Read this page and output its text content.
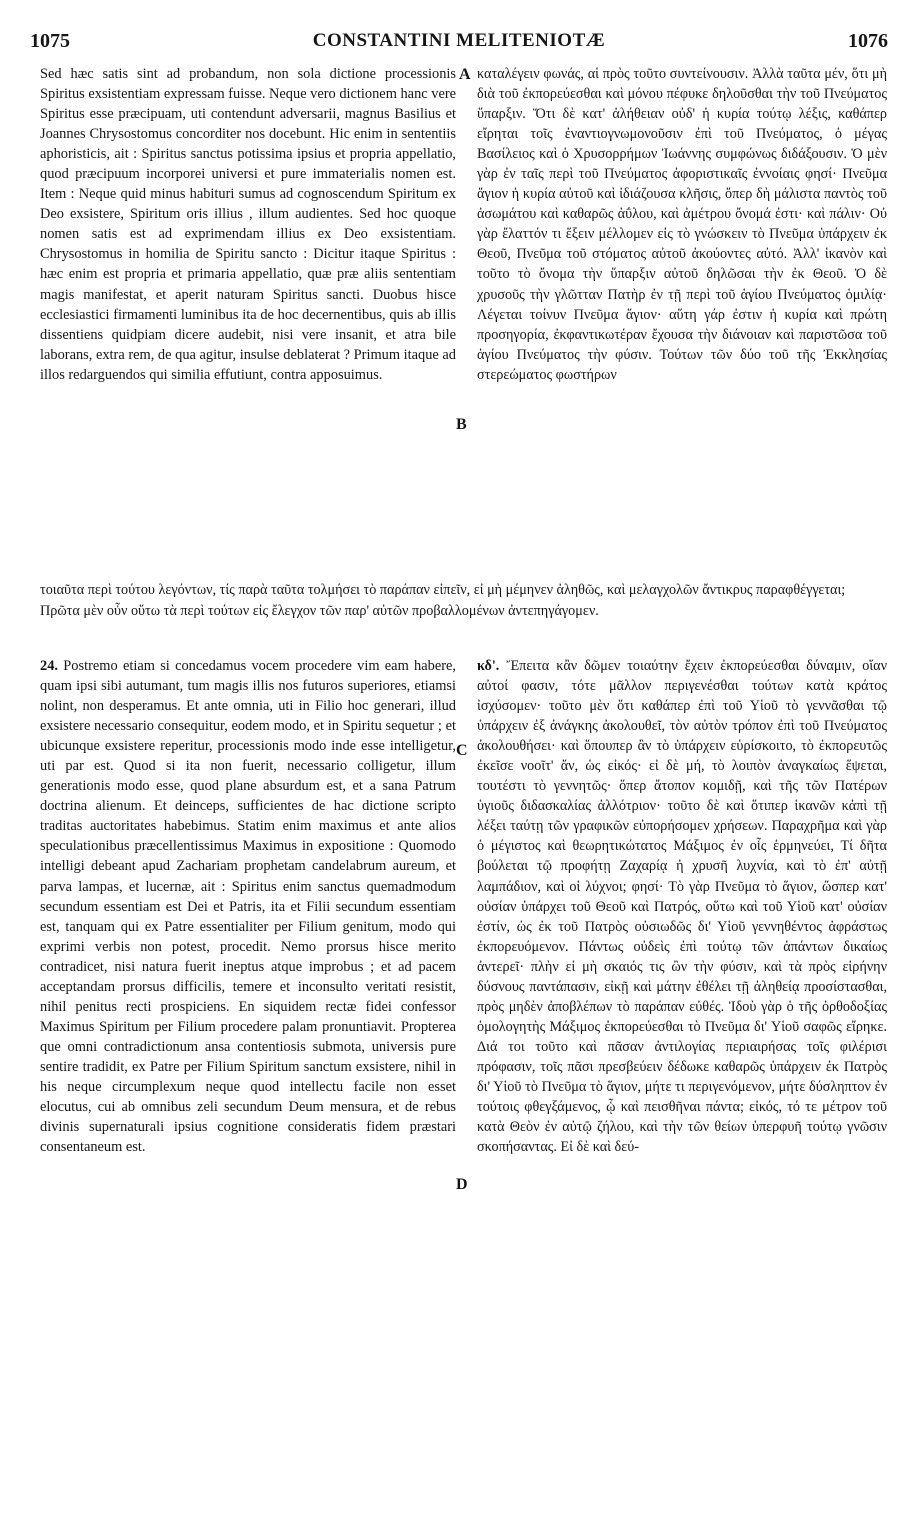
1075	CONSTANTINI MELITENIOTÆ	1076
A
B
C
D

Sed hæc satis sint ad probandum, non sola dictione processionis Spiritus exsistentiam expressam fuisse. Neque vero dictionem hanc vere Spiritus esse præcipuam, uti contendunt adversarii, magnus Basilius et Joannes Chrysostomus concorditer nos docebunt. Hic enim in sententiis aphoristicis, ait : Spiritus sanctus potissima ipsius et propria appellatio, quod præcipuum incorporei universi et pure immaterialis nomen est. Item : Neque quid minus habituri sumus ad cognoscendum Spiritum ex Deo exsistere, Spiritum oris illius , illum audientes. Sed hoc quoque nomen satis est ad exprimendam illius ex Deo exsistentiam. Chrysostomus in homilia de Spiritu sancto : Dicitur itaque Spiritus : hæc enim est propria et primaria appellatio, quæ præ aliis sententiam magis manifestat, et aperit naturam Spiritus sancti. Duobus hisce ecclesiastici firmamenti luminibus ita de hoc decernentibus, quis ab illis dissentiens quidpiam dicere audebit, nisi vere insanit, et atra bile laborans, extra rem, de qua agitur, insulse deblaterat ? Primum itaque ad illos redarguendos qui similia effutiunt, contra apposuimus.

καταλέγειν φωνάς, αἱ πρὸς τοῦτο συντείνουσιν. Ἀλλὰ ταῦτα μέν, ὅτι μὴ διὰ τοῦ ἐκπορεύεσθαι καὶ μόνου πέφυκε δηλοῦσθαι τὴν τοῦ Πνεύματος ὕπαρξιν. Ὅτι δὲ κατ' ἀλήθειαν οὐδ' ἡ κυρία τούτῳ λέξις, καθάπερ εἴρηται τοῖς ἐναντιογνωμονοῦσιν ἐπὶ τοῦ Πνεύματος, ὁ μέγας Βασίλειος καὶ ὁ Χρυσορρήμων Ἰωάννης συμφώνως διδάξουσιν. Ὁ μὲν γὰρ ἐν ταῖς περὶ τοῦ Πνεύματος ἀφοριστικαῖς ἐννοίαις φησί· Πνεῦμα ἅγιον ἡ κυρία αὐτοῦ καὶ ἰδιάζουσα κλῆσις, ὅπερ δὴ μάλιστα παντὸς τοῦ ἀσωμάτου καὶ καθαρῶς ἀΰλου, καὶ ἀμέτρου ὄνομά ἐστι· καὶ πάλιν· Οὐ γὰρ ἔλαττόν τι ἕξειν μέλλομεν εἰς τὸ γνώσκειν τὸ Πνεῦμα ὑπάρχειν ἐκ Θεοῦ, Πνεῦμα τοῦ στόματος αὐτοῦ ἀκούοντες αὐτό. Ἀλλ' ἱκανὸν καὶ τοῦτο τὸ ὄνομα τὴν ὕπαρξιν αὐτοῦ δηλῶσαι τὴν ἐκ Θεοῦ. Ὁ δὲ χρυσοῦς τὴν γλῶτταν Πατὴρ ἐν τῇ περὶ τοῦ ἁγίου Πνεύματος ὁμιλίᾳ· Λέγεται τοίνυν Πνεῦμα ἅγιον· αὕτη γάρ ἐστιν ἡ κυρία καὶ πρώτη προσηγορία, ἐκφαντικωτέραν ἔχουσα τὴν διάνοιαν καὶ παριστῶσα τοῦ ἁγίου Πνεύματος τὴν φύσιν. Τούτων τῶν δύο τοῦ τῆς Ἐκκλησίας στερεώματος φωστήρων

τοιαῦτα περὶ τούτου λεγόντων, τίς παρὰ ταῦτα τολμήσει τὸ παράπαν εἰπεῖν, εἰ μὴ μέμηνεν ἀληθῶς, καὶ μελαγχολῶν ἄντικρυς παραφθέγγεται; Πρῶτα μὲν οὖν οὕτω τὰ περὶ τούτων εἰς ἔλεγχον τῶν παρ' αὐτῶν προβαλλομένων ἀντεπηγάγομεν.

24. Postremo etiam si concedamus vocem procedere vim eam habere, quam ipsi sibi autumant, tum magis illis nos futuros superiores, etiamsi nolint, non desperamus. Et ante omnia, uti in Filio hoc generari, illud exsistere necessario consequitur, eodem modo, et in Spiritu sequetur ; et ubicunque exsistere reperitur, processionis modo inde esse intelligetur, uti par est. Quod si ita non fuerit, necessario colligetur, illum generationis modo esse, quod plane absurdum est, et a sana Patrum doctrina alienum. Et deinceps, sufficientes de hac dictione scripto traditas auctoritates habebimus. Statim enim maximus et ante alios speculationibus præcellentissimus Maximus in expositione : Quomodo intelligi debeant apud Zachariam prophetam candelabrum aureum, et parva lampas, et lucernæ, ait : Spiritus enim sanctus quemadmodum secundum essentiam est Dei et Patris, ita et Filii secundum essentiam est, tanquam qui ex Patre essentialiter per Filium genitum, modo qui exprimi verbis non potest, procedit. Nemo prorsus hisce merito contradicet, nisi natura fuerit ineptus atque improbus ; et ad pacem acceptandam prorsus difficilis, temere et inconsulto veritati resistit, nihil penitus recti prospiciens. En siquidem rectæ fidei confessor Maximus Spiritum per Filium procedere palam pronuntiavit. Propterea que omni contradictionum ansa contentiosis submota, universis pure sentire tradidit, ex Patre per Filium Spiritum sanctum exsistere, nihil in his neque circumplexum neque quod intellectu facile non esset elocutus, cui ab omnibus zeli secundum Deum mensura, et de rebus divinis supernaturali ipsius cognitione consideratis fidem præstari consentaneum est.

κδ'. Ἔπειτα κἂν δῶμεν τοιαύτην ἔχειν ἐκπορεύεσθαι δύναμιν, οἵαν αὐτοί φασιν, τότε μᾶλλον περιγενέσθαι τούτων κατὰ κράτος ἰσχύσομεν· τοῦτο μὲν ὅτι καθάπερ ἐπὶ τοῦ Υἱοῦ τὸ γεννᾶσθαι τῷ ὑπάρχειν ἐξ ἀνάγκης ἀκολουθεῖ, τὸν αὐτὸν τρόπον ἐπὶ τοῦ Πνεύματος ἀκολουθήσει· καὶ ὅπουπερ ἂν τὸ ὑπάρχειν εὑρίσκοιτο, τὸ ἐκπορευτῶς ἐκεῖσε νοοῖτ' ἄν, ὡς εἰκός· εἰ δὲ μή, τὸ λοιπὸν ἀναγκαίως ἕψεται, τουτέστι τὸ γεννητῶς· ὅπερ ἄτοπον κομιδῇ, καὶ τῆς τῶν Πατέρων ὑγιοῦς διδασκαλίας ἀλλότριον· τοῦτο δὲ καὶ ὅτιπερ ἱκανῶν κἀπὶ τῇ λέξει ταύτῃ τῶν γραφικῶν εὐπορήσομεν χρήσεων. Παραχρῆμα καὶ γὰρ ὁ μέγιστος καὶ θεωρητικώτατος Μάξιμος ἐν οἷς ἑρμηνεύει, Τί δῆτα βούλεται τῷ προφήτῃ Ζαχαρίᾳ ἡ χρυσῆ λυχνία, καὶ τὸ ἐπ' αὐτῇ λαμπάδιον, καὶ οἱ λύχνοι; φησί· Τὸ γὰρ Πνεῦμα τὸ ἅγιον, ὥσπερ κατ' οὐσίαν ὑπάρχει τοῦ Θεοῦ καὶ Πατρός, οὕτω καὶ τοῦ Υἱοῦ κατ' οὐσίαν ἐστίν, ὡς ἐκ τοῦ Πατρὸς οὐσιωδῶς δι' Υἱοῦ γεννηθέντος ἀφράστως ἐκπορευόμενον. Πάντως οὐδεὶς ἐπὶ τούτῳ τῶν ἁπάντων δικαίως ἀντερεῖ· πλὴν εἰ μὴ σκαιός τις ὢν τὴν φύσιν, καὶ τὰ πρὸς εἰρήνην δύσνους παντάπασιν, εἰκῇ καὶ μάτην ἐθέλει τῇ ἀληθείᾳ προσίστασθαι, πρὸς μηδὲν ἀποβλέπων τὸ παράπαν εὐθές. Ἰδοὺ γὰρ ὁ τῆς ὀρθοδοξίας ὁμολογητὴς Μάξιμος ἐκπορεύεσθαι τὸ Πνεῦμα δι' Υἱοῦ σαφῶς εἴρηκε. Διά τοι τοῦτο καὶ πᾶσαν ἀντιλογίας περιαιρήσας τοῖς φιλέρισι πρόφασιν, τοῖς πᾶσι πρεσβεύειν δέδωκε καθαρῶς ὑπάρχειν ἐκ Πατρὸς δι' Υἱοῦ τὸ Πνεῦμα τὸ ἅγιον, μήτε τι περιγενόμενον, μήτε δύσληπτον ἐν τούτοις φθεγξάμενος, ᾧ καὶ πεισθῆναι πάντα; εἰκός, τό τε μέτρον τοῦ κατὰ Θεὸν ἐν αὐτῷ ζήλου, καὶ τὴν τῶν θείων ὑπερφυῆ τούτῳ γνῶσιν σκοπήσαντας. Εἰ δὲ καὶ δεύ-
